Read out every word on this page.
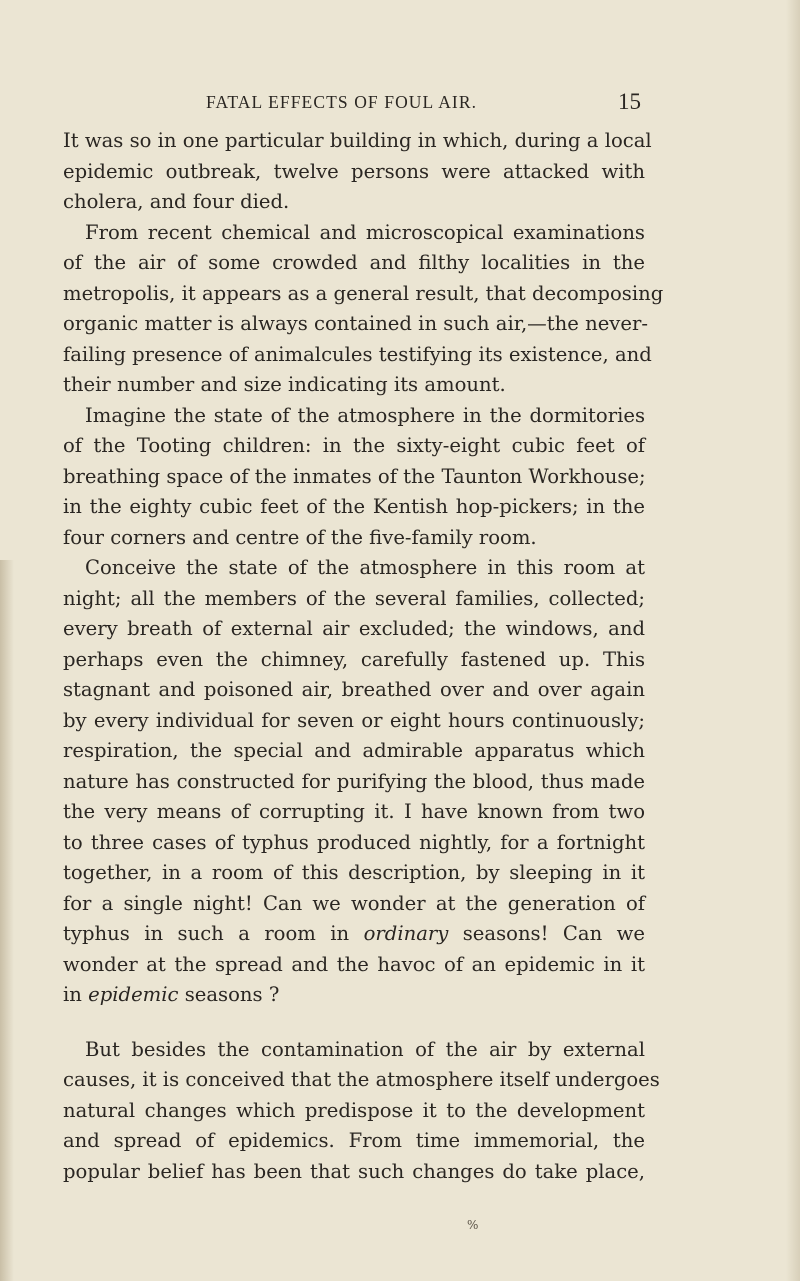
FATAL EFFECTS OF FOUL AIR.	15
It was so in one particular building in which, during a local
epidemic outbreak, twelve persons were attacked with
cholera, and four died.
From recent chemical and microscopical examinations
of the air of some crowded and filthy localities in the
metropolis, it appears as a general result, that decomposing
organic matter is always contained in such air,—the never-
failing presence of animalcules testifying its existence, and
their number and size indicating its amount.
Imagine the state of the atmosphere in the dormitories
of the Tooting children: in the sixty-eight cubic feet of
breathing space of the inmates of the Taunton Workhouse;
in the eighty cubic feet of the Kentish hop-pickers; in the
four corners and centre of the five-family room.
Conceive the state of the atmosphere in this room at
night; all the members of the several families, collected;
every breath of external air excluded; the windows, and
perhaps even the chimney, carefully fastened up. This
stagnant and poisoned air, breathed over and over again
by every individual for seven or eight hours continuously;
respiration, the special and admirable apparatus which
nature has constructed for purifying the blood, thus made
the very means of corrupting it. I have known from two
to three cases of typhus produced nightly, for a fortnight
together, in a room of this description, by sleeping in it
for a single night! Can we wonder at the generation of
typhus in such a room in ordinary seasons! Can we
wonder at the spread and the havoc of an epidemic in it
in epidemic seasons ?
But besides the contamination of the air by external
causes, it is conceived that the atmosphere itself undergoes
natural changes which predispose it to the development
and spread of epidemics. From time immemorial, the
popular belief has been that such changes do take place,
%
